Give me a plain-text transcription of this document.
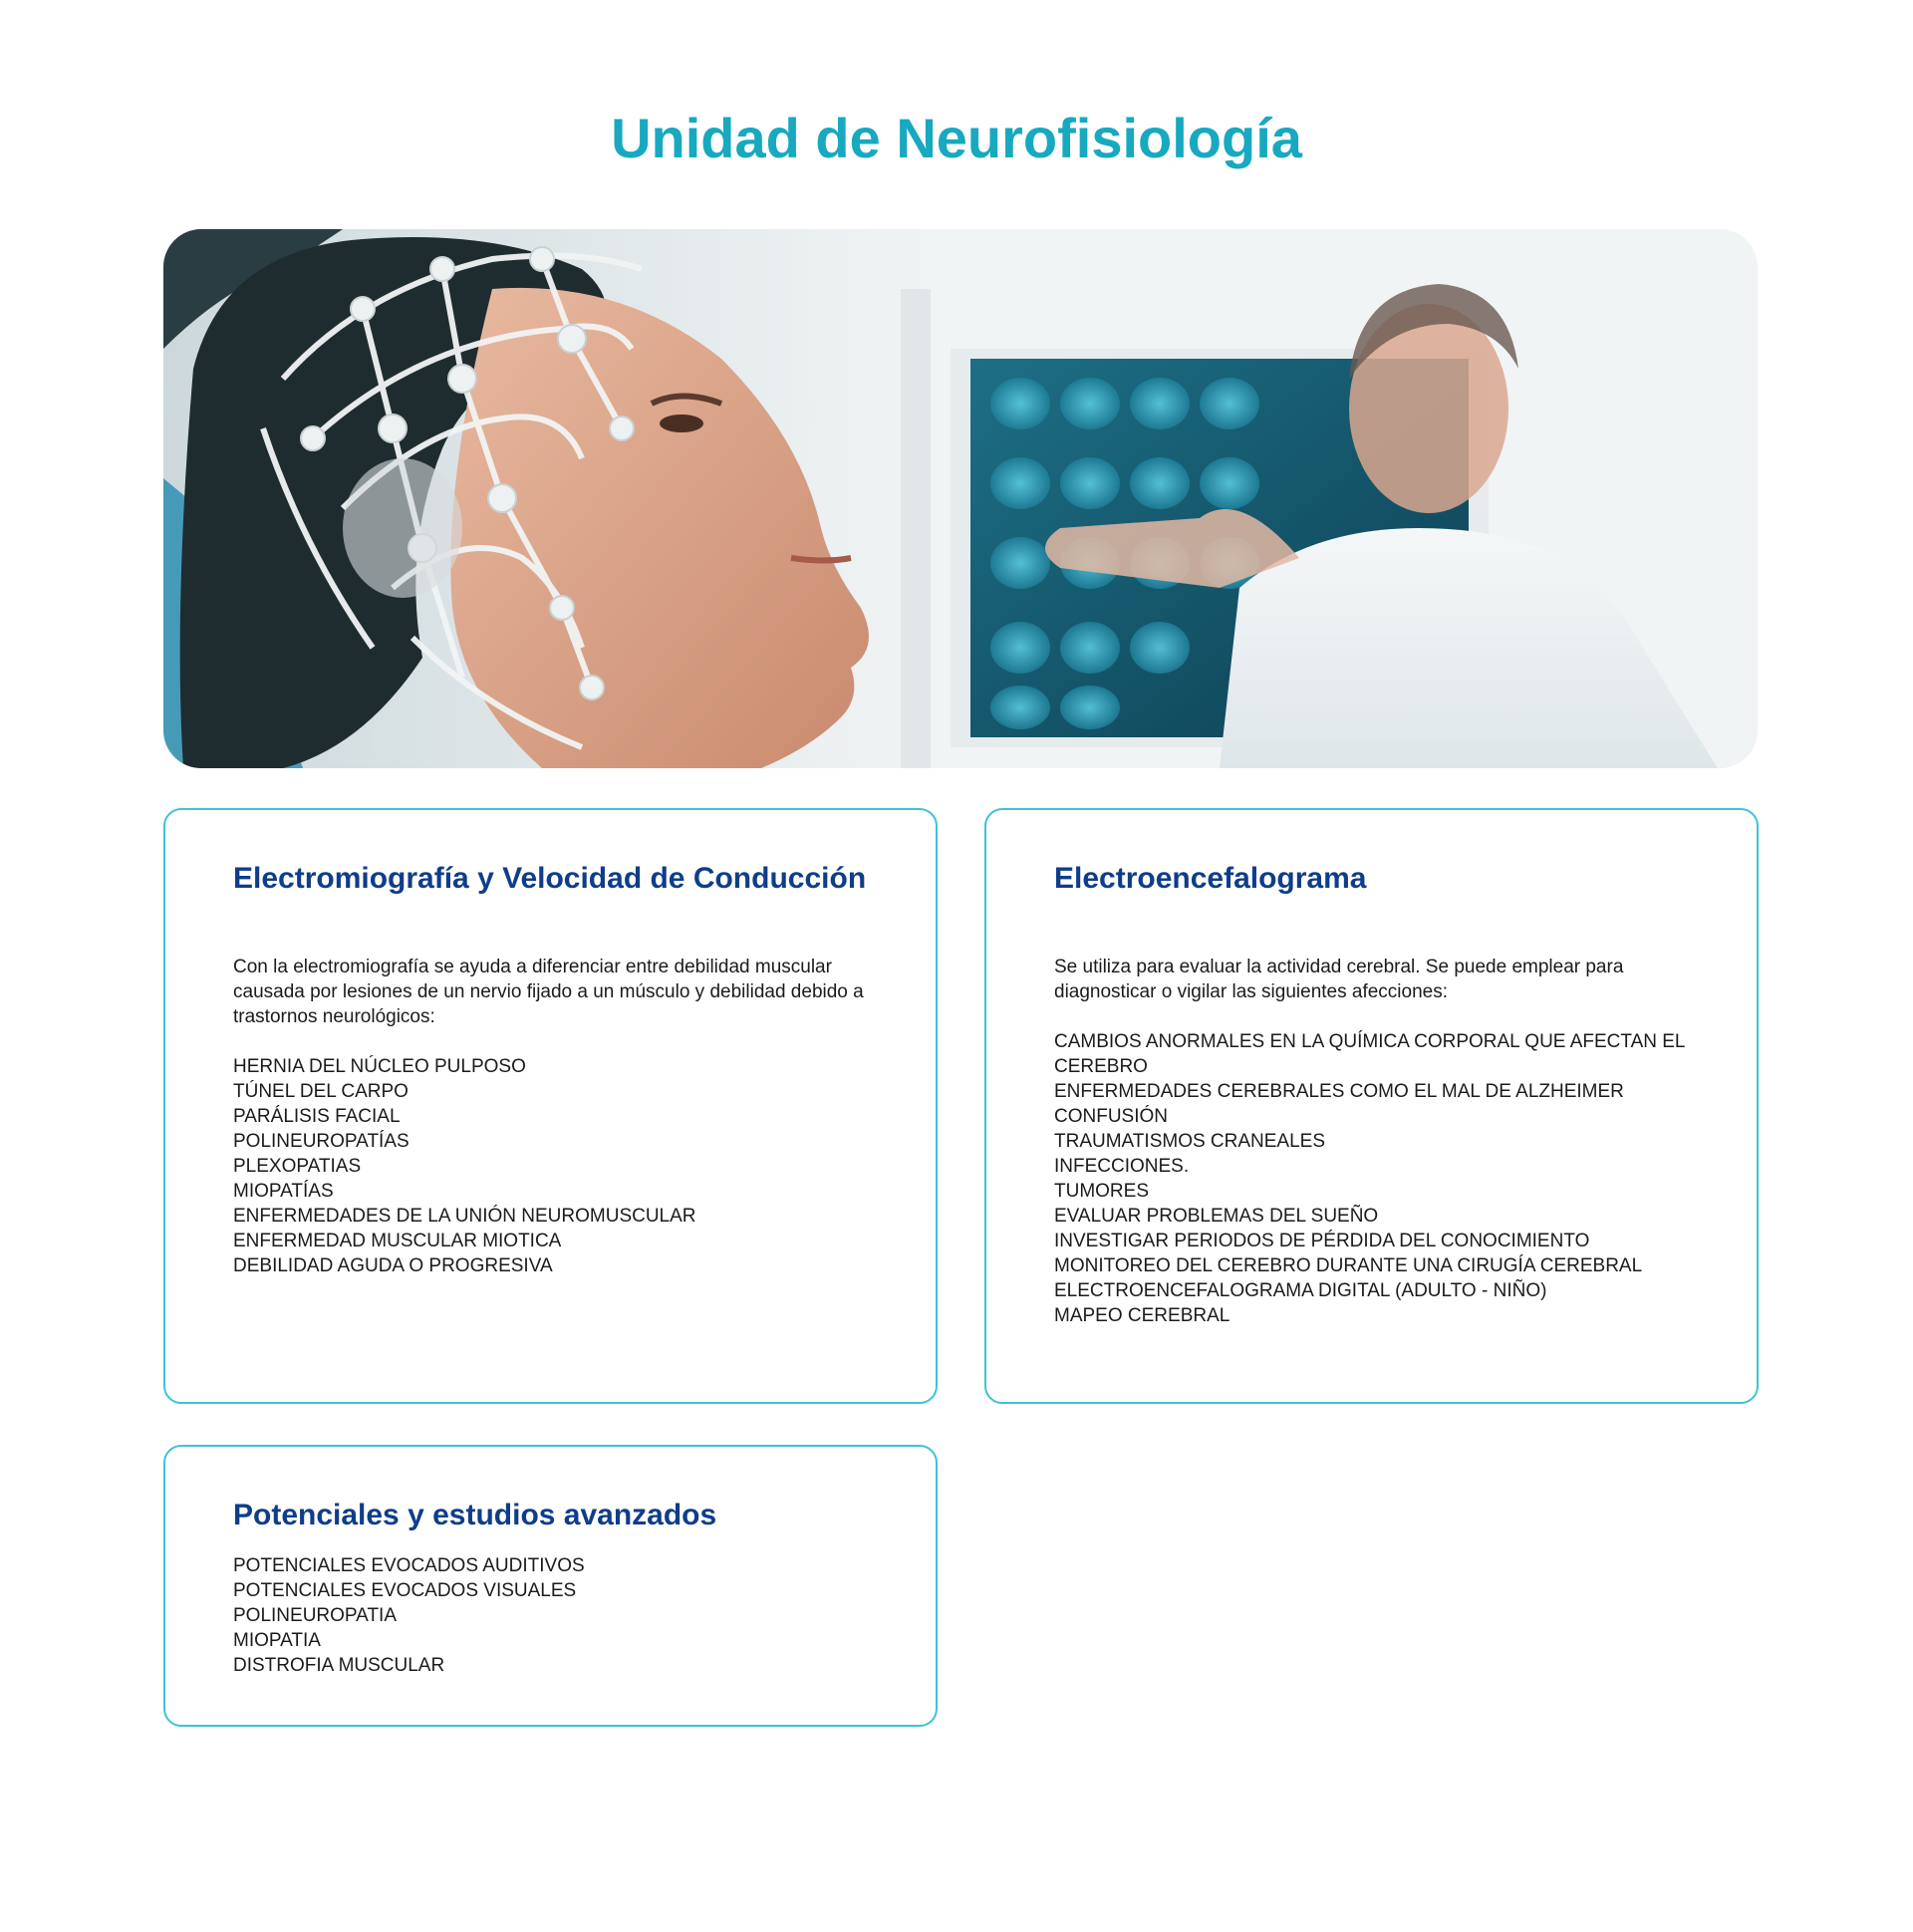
Unidad de Neurofisiología
Electromiografía y Velocidad de Conducción

Con la electromiografía se ayuda a diferenciar entre debilidad muscular causada por lesiones de un nervio fijado a un músculo y debilidad debido a trastornos neurológicos:

HERNIA DEL NÚCLEO PULPOSO
TÚNEL DEL CARPO
PARÁLISIS FACIAL
POLINEUROPATÍAS
PLEXOPATIAS
MIOPATÍAS
ENFERMEDADES DE LA UNIÓN NEUROMUSCULAR
ENFERMEDAD MUSCULAR MIOTICA
DEBILIDAD AGUDA O PROGRESIVA
Electroencefalograma

Se utiliza para evaluar la actividad cerebral. Se puede emplear para diagnosticar o vigilar las siguientes afecciones:

CAMBIOS ANORMALES EN LA QUÍMICA CORPORAL QUE AFECTAN EL CEREBRO
ENFERMEDADES CEREBRALES COMO EL MAL DE ALZHEIMER
CONFUSIÓN
TRAUMATISMOS CRANEALES
INFECCIONES.
TUMORES
EVALUAR PROBLEMAS DEL SUEÑO
INVESTIGAR PERIODOS DE PÉRDIDA DEL CONOCIMIENTO
MONITOREO DEL CEREBRO DURANTE UNA CIRUGÍA CEREBRAL
ELECTROENCEFALOGRAMA DIGITAL (ADULTO - NIÑO)
MAPEO CEREBRAL
Potenciales y estudios avanzados
POTENCIALES EVOCADOS AUDITIVOS
POTENCIALES EVOCADOS VISUALES
POLINEUROPATIA
MIOPATIA
DISTROFIA MUSCULAR
